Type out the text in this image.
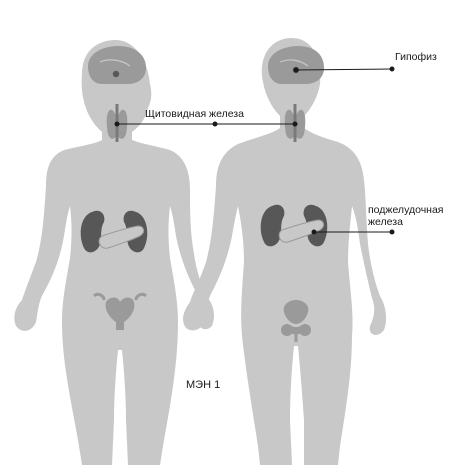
Гипофиз
Щитовидная железа
поджелудочная
железа
МЭН 1
